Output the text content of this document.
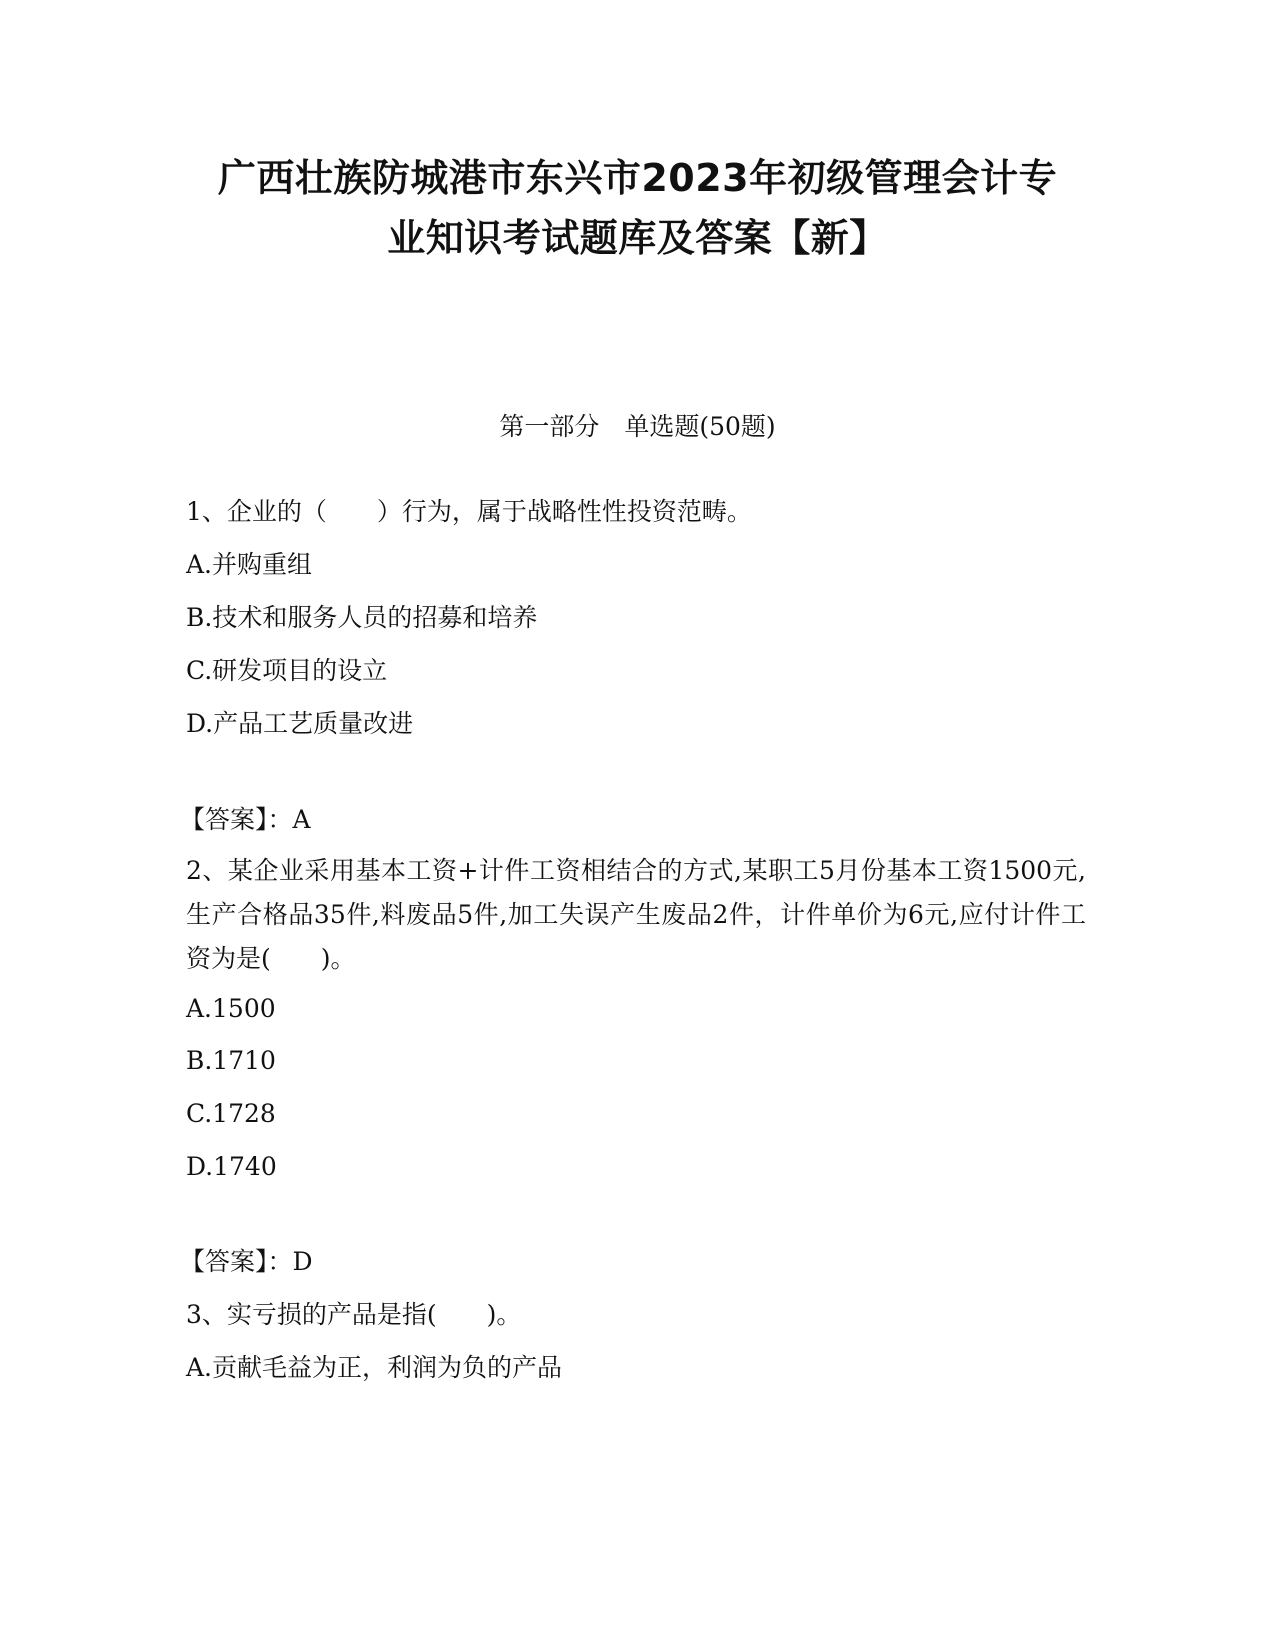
广西壮族防城港市东兴市2023年初级管理会计专
业知识考试题库及答案【新】
第一部分　单选题(50题)
1、企业的（　　）行为，属于战略性性投资范畴。
A.并购重组
B.技术和服务人员的招募和培养
C.研发项目的设立
D.产品工艺质量改进
【答案】：A
2、某企业采用基本工资+计件工资相结合的方式,某职工5月份基本工资1500元,生产合格品35件,料废品5件,加工失误产生废品2件，计件单价为6元,应付计件工资为是(　　)。
A.1500
B.1710
C.1728
D.1740
【答案】：D
3、实亏损的产品是指(　　)。
A.贡献毛益为正，利润为负的产品
